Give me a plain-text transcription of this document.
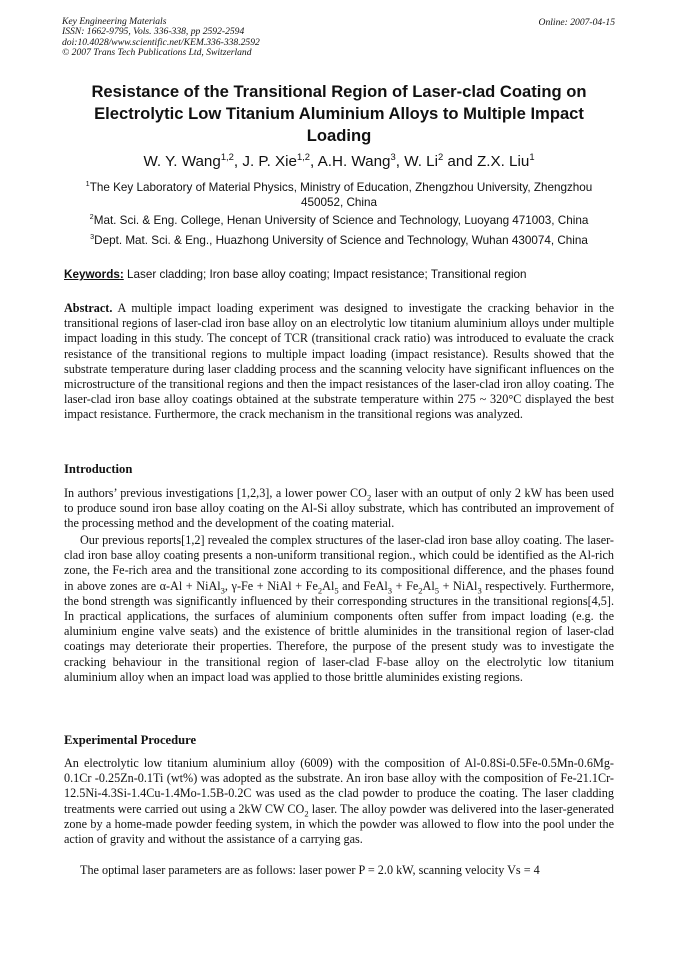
Key Engineering Materials
ISSN: 1662-9795, Vols. 336-338, pp 2592-2594
doi:10.4028/www.scientific.net/KEM.336-338.2592
© 2007 Trans Tech Publications Ltd, Switzerland
Online: 2007-04-15
Resistance of the Transitional Region of Laser-clad Coating on Electrolytic Low Titanium Aluminium Alloys to Multiple Impact Loading
W. Y. Wang$^{1,2}$, J. P. Xie$^{1,2}$, A.H. Wang$^3$, W. Li$^2$ and Z.X. Liu$^1$
$^1$The Key Laboratory of Material Physics, Ministry of Education, Zhengzhou University, Zhengzhou 450052, China
$^2$Mat. Sci. & Eng. College, Henan University of Science and Technology, Luoyang 471003, China
$^3$Dept. Mat. Sci. & Eng., Huazhong University of Science and Technology, Wuhan 430074, China
Keywords: Laser cladding; Iron base alloy coating; Impact resistance; Transitional region

Abstract. A multiple impact loading experiment was designed to investigate the cracking behavior in the transitional regions of laser-clad iron base alloy on an electrolytic low titanium aluminium alloys under multiple impact loading in this study. The concept of TCR (transitional crack ratio) was introduced to evaluate the crack resistance of the transitional regions to multiple impact loading (impact resistance). Results showed that the substrate temperature during laser cladding process and the scanning velocity have significant influences on the microstructure of the transitional regions and then the impact resistances of the laser-clad iron alloy coating. The laser-clad iron base alloy coatings obtained at the substrate temperature within 275 ~ 320°C displayed the best impact resistance. Furthermore, the crack mechanism in the transitional regions was analyzed.

Introduction

In authors’ previous investigations [1,2,3], a lower power $CO_2$ laser with an output of only 2 kW has been used to produce sound iron base alloy coating on the Al-Si alloy substrate, which has contributed an improvement of the processing method and the development of the coating material.

Our previous reports[1,2] revealed the complex structures of the laser-clad iron base alloy coating. The laser-clad iron base alloy coating presents a non-uniform transitional region., which could be identified as the Al-rich zone, the Fe-rich area and the transitional zone according to its compositional difference, and the phases found in above zones are α-Al + NiAl$_3$, γ-Fe + NiAl + $Fe_2Al_5$ and FeAl$_3$ + $Fe_2Al_5$ + NiAl$_3$ respectively. Furthermore, the bond strength was significantly influenced by their corresponding structures in the transitional regions[4,5]. In practical applications, the surfaces of aluminium components often suffer from impact loading (e.g. the aluminium engine valve seats) and the existence of brittle aluminides in the transitional region of laser-clad coatings may deteriorate their properties. Therefore, the purpose of the present study was to investigate the cracking behaviour in the transitional region of laser-clad F-base alloy on the electrolytic low titanium aluminium alloy when an impact load was applied to those brittle aluminides existing regions.

Experimental Procedure

An electrolytic low titanium aluminium alloy (6009) with the composition of Al-0.8Si-0.5Fe-0.5Mn-0.6Mg-0.1Cr -0.25Zn-0.1Ti (wt%) was adopted as the substrate. An iron base alloy with the composition of Fe-21.1Cr-12.5Ni-4.3Si-1.4Cu-1.4Mo-1.5B-0.2C was used as the clad powder to produce the coating. The laser cladding treatments were carried out using a 2kW CW $CO_2$ laser. The alloy powder was delivered into the laser-generated zone by a home-made powder feeding system, in which the powder was allowed to flow into the pool under the action of gravity and without the assistance of a carrying gas.

The optimal laser parameters are as follows: laser power P = 2.0 kW, scanning velocity Vs = 4
